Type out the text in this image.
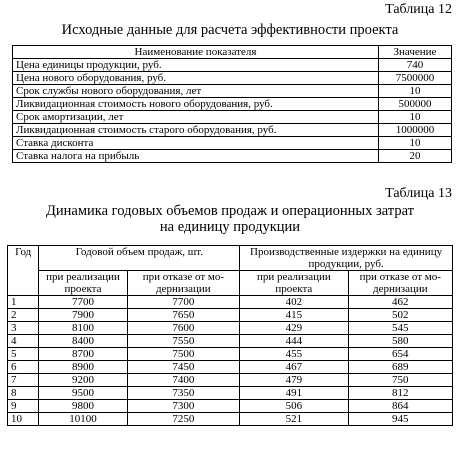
Таблица 12
Исходные данные для расчета эффективности проекта
Наименование показателя	Значение
Цена единицы продукции, руб.	740
Цена нового оборудования, руб.	7500000
Срок службы нового оборудования, лет	10
Ликвидационная стоимость нового оборудования, руб.	500000
Срок амортизации, лет	10
Ликвидационная стоимость старого оборудования, руб.	1000000
Ставка дисконта	10
Ставка налога на прибыль	20
Таблица 13
Динамика годовых объемов продаж и операционных затрат
на единицу продукции
Год	Годовой объем продаж, шт.		Производственные издержки на единицу продукции, руб.	
	при реализации проекта	при отказе от мо-дернизации	при реализации проекта	при отказе от мо-дернизации
1	7700	7700	402	462
2	7900	7650	415	502
3	8100	7600	429	545
4	8400	7550	444	580
5	8700	7500	455	654
6	8900	7450	467	689
7	9200	7400	479	750
8	9500	7350	491	812
9	9800	7300	506	864
10	10100	7250	521	945
